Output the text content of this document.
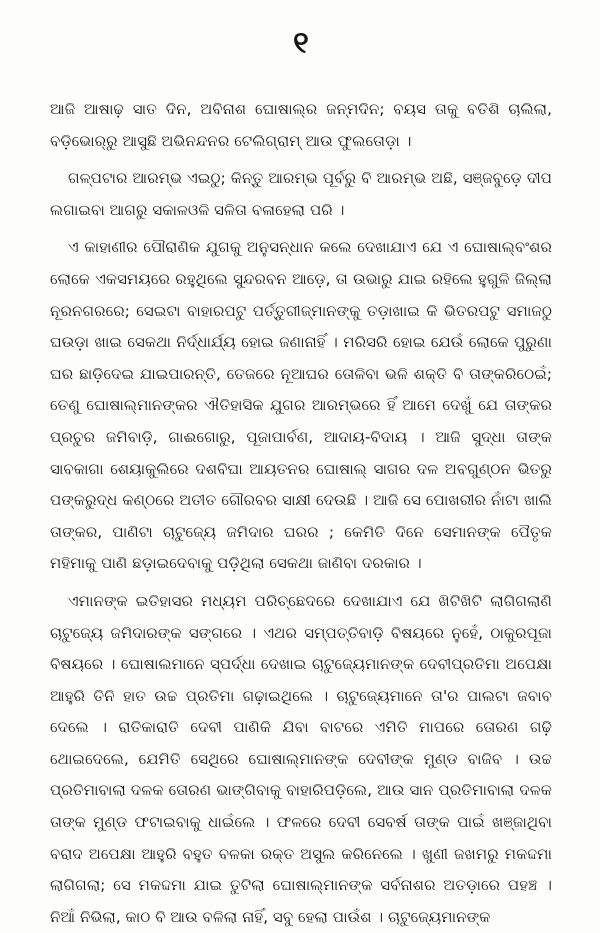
୧

ଆଜି ଆଷାଢ଼ ସାତ ଦିନ, ଅବିନାଶ ଘୋଷାଲ୍‌ର ଜନ୍ମଦିନ; ବୟସ ତାକୁ ବତିଶି ଚାଲିଲା, ବଡ଼ିଭୋର୍‌ରୁ ଆସୁଛି ଅଭିନନ୍ଦନର ଟେଲିଗ୍ରାମ୍ ଆଉ ଫୁଲତୋଡ଼ା ।

ଗଳ୍ପଟାର ଆରମ୍ଭ ଏଇଠୁ; କିନ୍ତୁ ଆରମ୍ଭ ପୂର୍ବରୁ ବି ଆରମ୍ଭ ଅଛି, ସଞ୍ଜବୁଡ଼େ ଦୀପ ଲଗାଇବା ଆଗରୁ ସକାଳଓଳି ସଳିତା ବଳାହେଲା ପରି ।

ଏ କାହାଣୀର ପୌରାଣିକ ଯୁଗକୁ ଅନୁସନ୍ଧାନ କଲେ ଦେଖାଯାଏ ଯେ ଏ ଘୋଷାଲ୍‌ବଂଶର ଲୋକେ ଏକସମୟରେ ରହୁଥିଲେ ସୁନ୍ଦରବନ ଆଡ଼େ, ତା ଉଭାରୁ ଯାଇ ରହିଲେ ହୁଗୁଳି ଜିଲ୍ଲା ନୂରନଗରରେ; ସେଇଟା ବାହାରପଟୁ ପର୍ତ୍ତୁଗୀଜ୍‌ମାନଙ୍କୁ ତଡ଼ାଖାଇ କି ଭିତରପଟୁ ସମାଜଠୁ ଘଉଡ଼ା ଖାଇ ସେକଥା ନିର୍ଦ୍ଧାର୍ଯ୍ୟ ହୋଇ ଜଣାନାହିଁ । ମରିସରି ହୋଇ ଯେଉଁ ଲୋକେ ପୁରୁଣା ଘର ଛାଡ଼ିଦେଇ ଯାଇପାରନ୍ତି, ତେଜରେ ନୂଆଘର ତୋଳିବା ଭଳି ଶକ୍ତି ବି ତାଙ୍କରିଠେଇଁ; ତେଣୁ ଘୋଷାଲ୍‌ମାନଙ୍କର ଐତିହାସିକ ଯୁଗର ଆରମ୍ଭରେ ହିଁ ଆମେ ଦେଖୁଁ ଯେ ତାଙ୍କର ପ୍ରଚୁର ଜମିବାଡ଼ି, ଗାଈଗୋରୁ, ପୂଜାପାର୍ବଣ, ଆଦାୟ-ବିଦାୟ । ଆଜି ସୁଦ୍ଧା ତାଙ୍କ ସାବକାଗା ଶେୟାକୁଲିରେ ଦଶବିଘା ଆୟତନର ଘୋଷାଲ୍ ସାଗର ଦଳ ଅବଗୁଣ୍ଠନ ଭିତରୁ ପଙ୍କରୁଦ୍ଧ କଣ୍ଠରେ ଅତୀତ ଗୌରବର ସାକ୍ଷୀ ଦେଉଛି । ଆଜି ସେ ପୋଖରୀର ନାଁଟା ଖାଲି ତାଙ୍କର, ପାଣିଟା ଚାଟୁଜ୍ୟେ ଜମିଦାର ଘରର ; କେମିତି ଦିନେ ସେମାନଙ୍କ ପୈତୃକ ମହିମାକୁ ପାଣି ଛଡ଼ାଇଦେବାକୁ ପଡ଼ିଥିଲା ସେକଥା ଜାଣିବା ଦରକାର ।

ଏମାନଙ୍କ ଇତିହାସର ମଧ୍ୟମ ପରିଚ୍ଛେଦରେ ଦେଖାଯାଏ ଯେ ଖିଟିଖିଟି ଲାଗିଗଲାଣି ଚାଟୁଜ୍ୟେ ଜମିଦାରଙ୍କ ସଙ୍ଗରେ । ଏଥର ସମ୍ପତ୍ତିବାଡ଼ି ବିଷୟରେ ନୁହେଁ, ଠାକୁରପୂଜା ବିଷୟରେ । ଘୋଷାଲମାନେ ସ୍ପର୍ଦ୍ଧା ଦେଖାଇ ଚାଟୁଜ୍ୟେମାନଙ୍କ ଦେବୀପ୍ରତିମା ଅପେକ୍ଷା ଆହୁରି ତିନି ହାତ ଉଚ୍ଚ ପ୍ରତିମା ଗଢ଼ାଇଥିଲେ । ଚାଟୁଜ୍ୟେମାନେ ତା'ର ପାଲଟା ଜବାବ ଦେଲେ । ରାତିକାରାତି ଦେବୀ ପାଣିକି ଯିବା ବାଟରେ ଏମିତି ମାପରେ ତୋରଣ ଗଢ଼ି ଥୋଇଦେଲେ, ଯେମିତି ସେଥିରେ ଘୋଷାଲ୍‌ମାନଙ୍କ ଦେବୀଙ୍କ ମୁଣ୍ଡ ବାଜିବ । ଉଚ୍ଚ ପ୍ରତିମାବାଲା ଦଳକ ତୋରଣ ଭାଙ୍ଗିବାକୁ ବାହାରିପଡ଼ିଲେ, ଆଉ ସାନ ପ୍ରତିମାବାଲା ଦଳକ ତାଙ୍କ ମୁଣ୍ଡ ଫଟାଇବାକୁ ଧାଇଁଲେ । ଫଳରେ ଦେବୀ ସେବର୍ଷ ତାଙ୍କ ପାଇଁ ଖଞ୍ଜାଥିବା ବରାଦ ଅପେକ୍ଷା ଆହୁରି ବହୁତ ବଳକା ରକ୍ତ ଅସୁଲ କରିନେଲେ । ଖୁଣୀ ଜଖମରୁ ମକଦ୍ଦମା ଲାଗିଗଲା; ସେ ମକଦ୍ଦମା ଯାଇ ତୁଟିଲା ଘୋଷାଲ୍‌ମାନଙ୍କ ସର୍ବନାଶର ଅତଡ଼ାରେ ପହଞ୍ଚ । ନିଆଁ ନିଭିଲା, କାଠ ବି ଆଉ ବଳିଲା ନାହିଁ, ସବୁ ହେଲା ପାଉଁଶ । ଚାଟୁଜ୍ୟେମାନଙ୍କ
